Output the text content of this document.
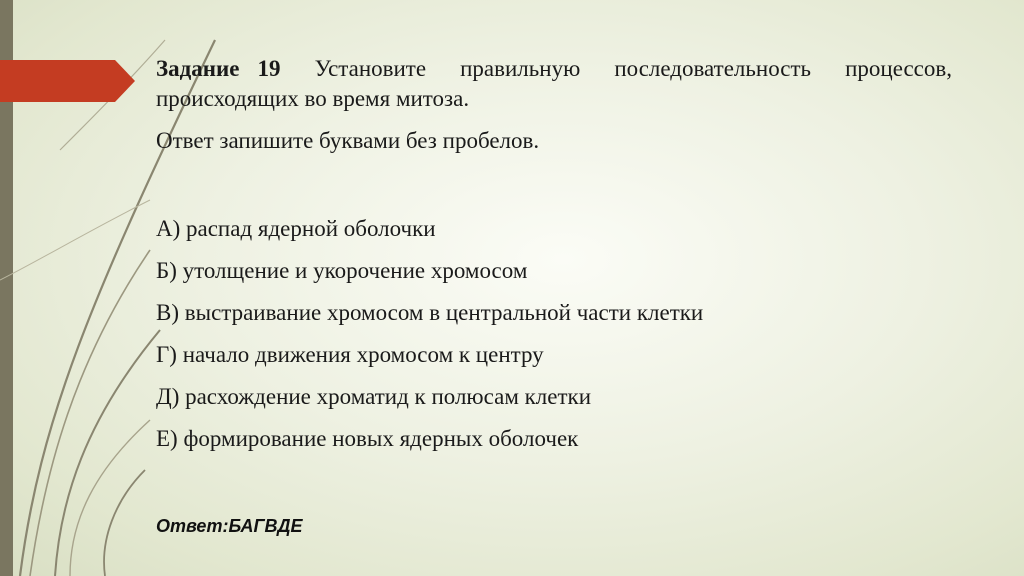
Задание 19 Установите правильную последовательность процессов, происходящих во время митоза.

Ответ запишите буквами без пробелов.

А) распад ядерной оболочки
Б) утолщение и укорочение хромосом
В) выстраивание хромосом в центральной части клетки
Г) начало движения хромосом к центру
Д) расхождение хроматид к полюсам клетки
Е) формирование новых ядерных оболочек
Ответ:БАГВДЕ
